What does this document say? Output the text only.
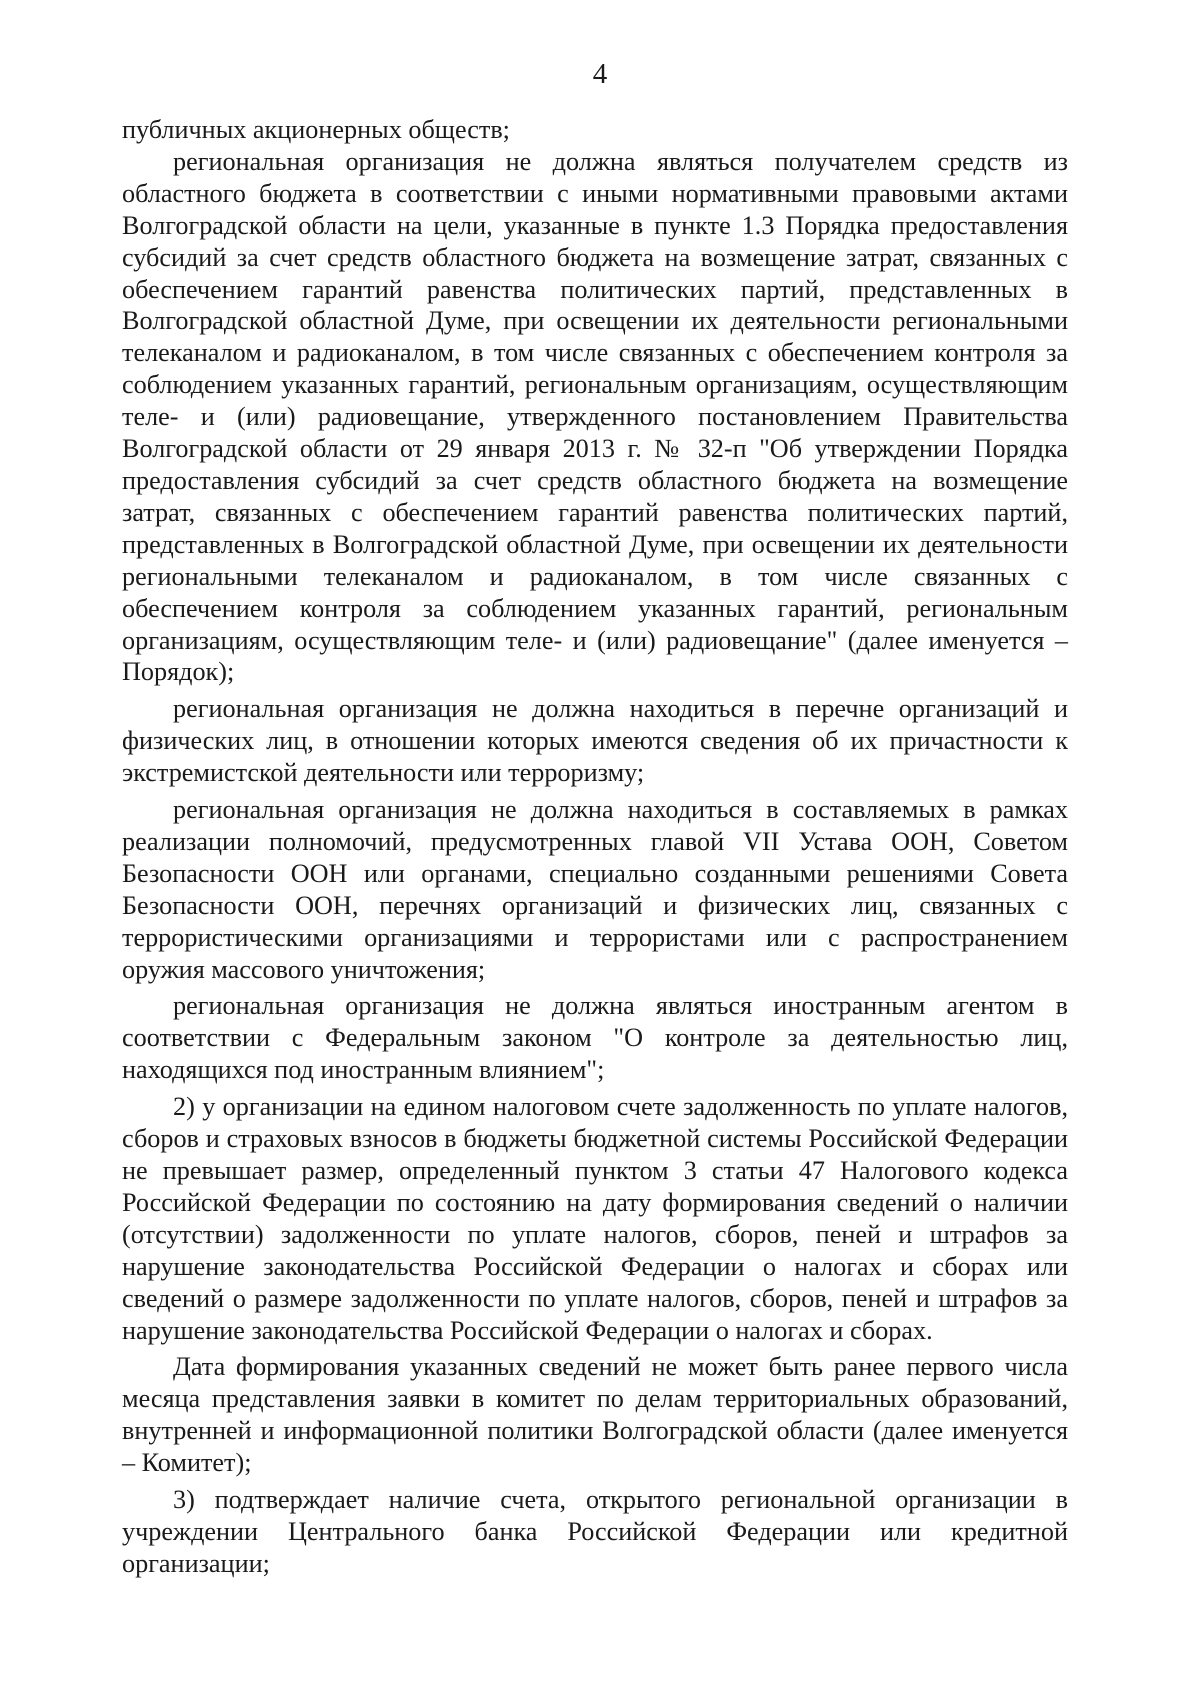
4

публичных акционерных обществ;

региональная организация не должна являться получателем средств из областного бюджета в соответствии с иными нормативными правовыми актами Волгоградской области на цели, указанные в пункте 1.3 Порядка предоставления субсидий за счет средств областного бюджета на возмещение затрат, связанных с обеспечением гарантий равенства политических партий, представленных в Волгоградской областной Думе, при освещении их деятельности региональными телеканалом и радиоканалом, в том числе связанных с обеспечением контроля за соблюдением указанных гарантий, региональным организациям, осуществляющим теле- и (или) радиовещание, утвержденного постановлением Правительства Волгоградской области от 29 января 2013 г. № 32-п "Об утверждении Порядка предоставления субсидий за счет средств областного бюджета на возмещение затрат, связанных с обеспечением гарантий равенства политических партий, представленных в Волгоградской областной Думе, при освещении их деятельности региональными телеканалом и радиоканалом, в том числе связанных с обеспечением контроля за соблюдением указанных гарантий, региональным организациям, осуществляющим теле- и (или) радиовещание" (далее именуется – Порядок);

региональная организация не должна находиться в перечне организаций и физических лиц, в отношении которых имеются сведения об их причастности к экстремистской деятельности или терроризму;

региональная организация не должна находиться в составляемых в рамках реализации полномочий, предусмотренных главой VII Устава ООН, Советом Безопасности ООН или органами, специально созданными решениями Совета Безопасности ООН, перечнях организаций и физических лиц, связанных с террористическими организациями и террористами или с распространением оружия массового уничтожения;

региональная организация не должна являться иностранным агентом в соответствии с Федеральным законом "О контроле за деятельностью лиц, находящихся под иностранным влиянием";

2) у организации на едином налоговом счете задолженность по уплате налогов, сборов и страховых взносов в бюджеты бюджетной системы Российской Федерации не превышает размер, определенный пунктом 3 статьи 47 Налогового кодекса Российской Федерации по состоянию на дату формирования сведений о наличии (отсутствии) задолженности по уплате налогов, сборов, пеней и штрафов за нарушение законодательства Российской Федерации о налогах и сборах или сведений о размере задолженности по уплате налогов, сборов, пеней и штрафов за нарушение законодательства Российской Федерации о налогах и сборах.

Дата формирования указанных сведений не может быть ранее первого числа месяца представления заявки в комитет по делам территориальных образований, внутренней и информационной политики Волгоградской области (далее именуется – Комитет);

3) подтверждает наличие счета, открытого региональной организации в учреждении Центрального банка Российской Федерации или кредитной организации;
